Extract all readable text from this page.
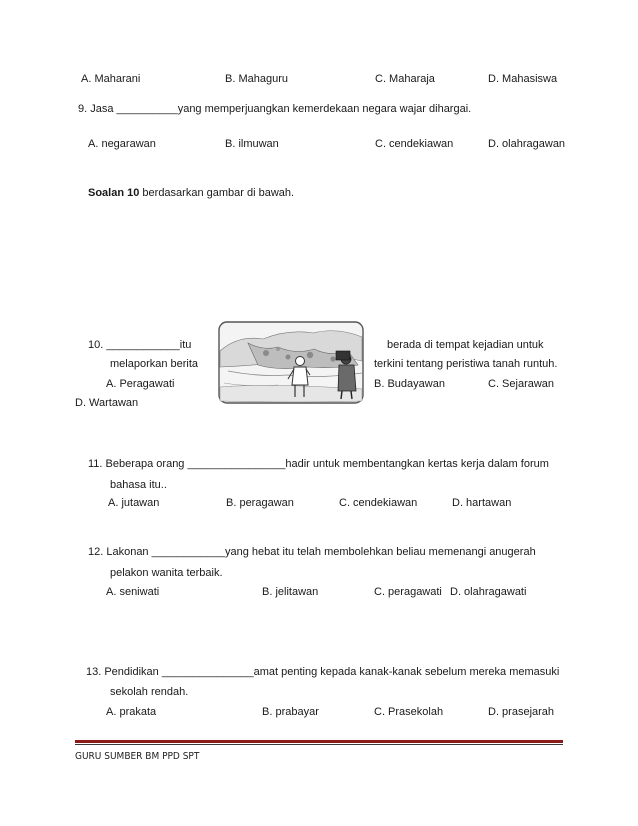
A. Maharani	B. Mahaguru	C. Maharaja	D. Mahasiswa
9. Jasa __________yang memperjuangkan kemerdekaan negara wajar dihargai.
A. negarawan	B. ilmuwan	C. cendekiawan	D. olahragawan
Soalan 10 berdasarkan gambar di bawah.
10. ____________itu	berada di tempat kejadian untuk
melaporkan berita	terkini tentang peristiwa tanah runtuh.
A. Peragawati	B. Budayawan	C. Sejarawan
D. Wartawan
11. Beberapa orang ________________hadir untuk membentangkan kertas kerja dalam forum
bahasa itu..
A. jutawan	B. peragawan	C. cendekiawan	D. hartawan
12. Lakonan ____________yang hebat itu telah membolehkan beliau memenangi anugerah
pelakon wanita terbaik.
A. seniwati	B. jelitawan	C. peragawati D. olahragawati
13. Pendidikan _______________amat penting kepada kanak-kanak sebelum mereka memasuki
sekolah rendah.
A. prakata	B. prabayar	C. Prasekolah	D. prasejarah
GURU SUMBER BM PPD SPT
